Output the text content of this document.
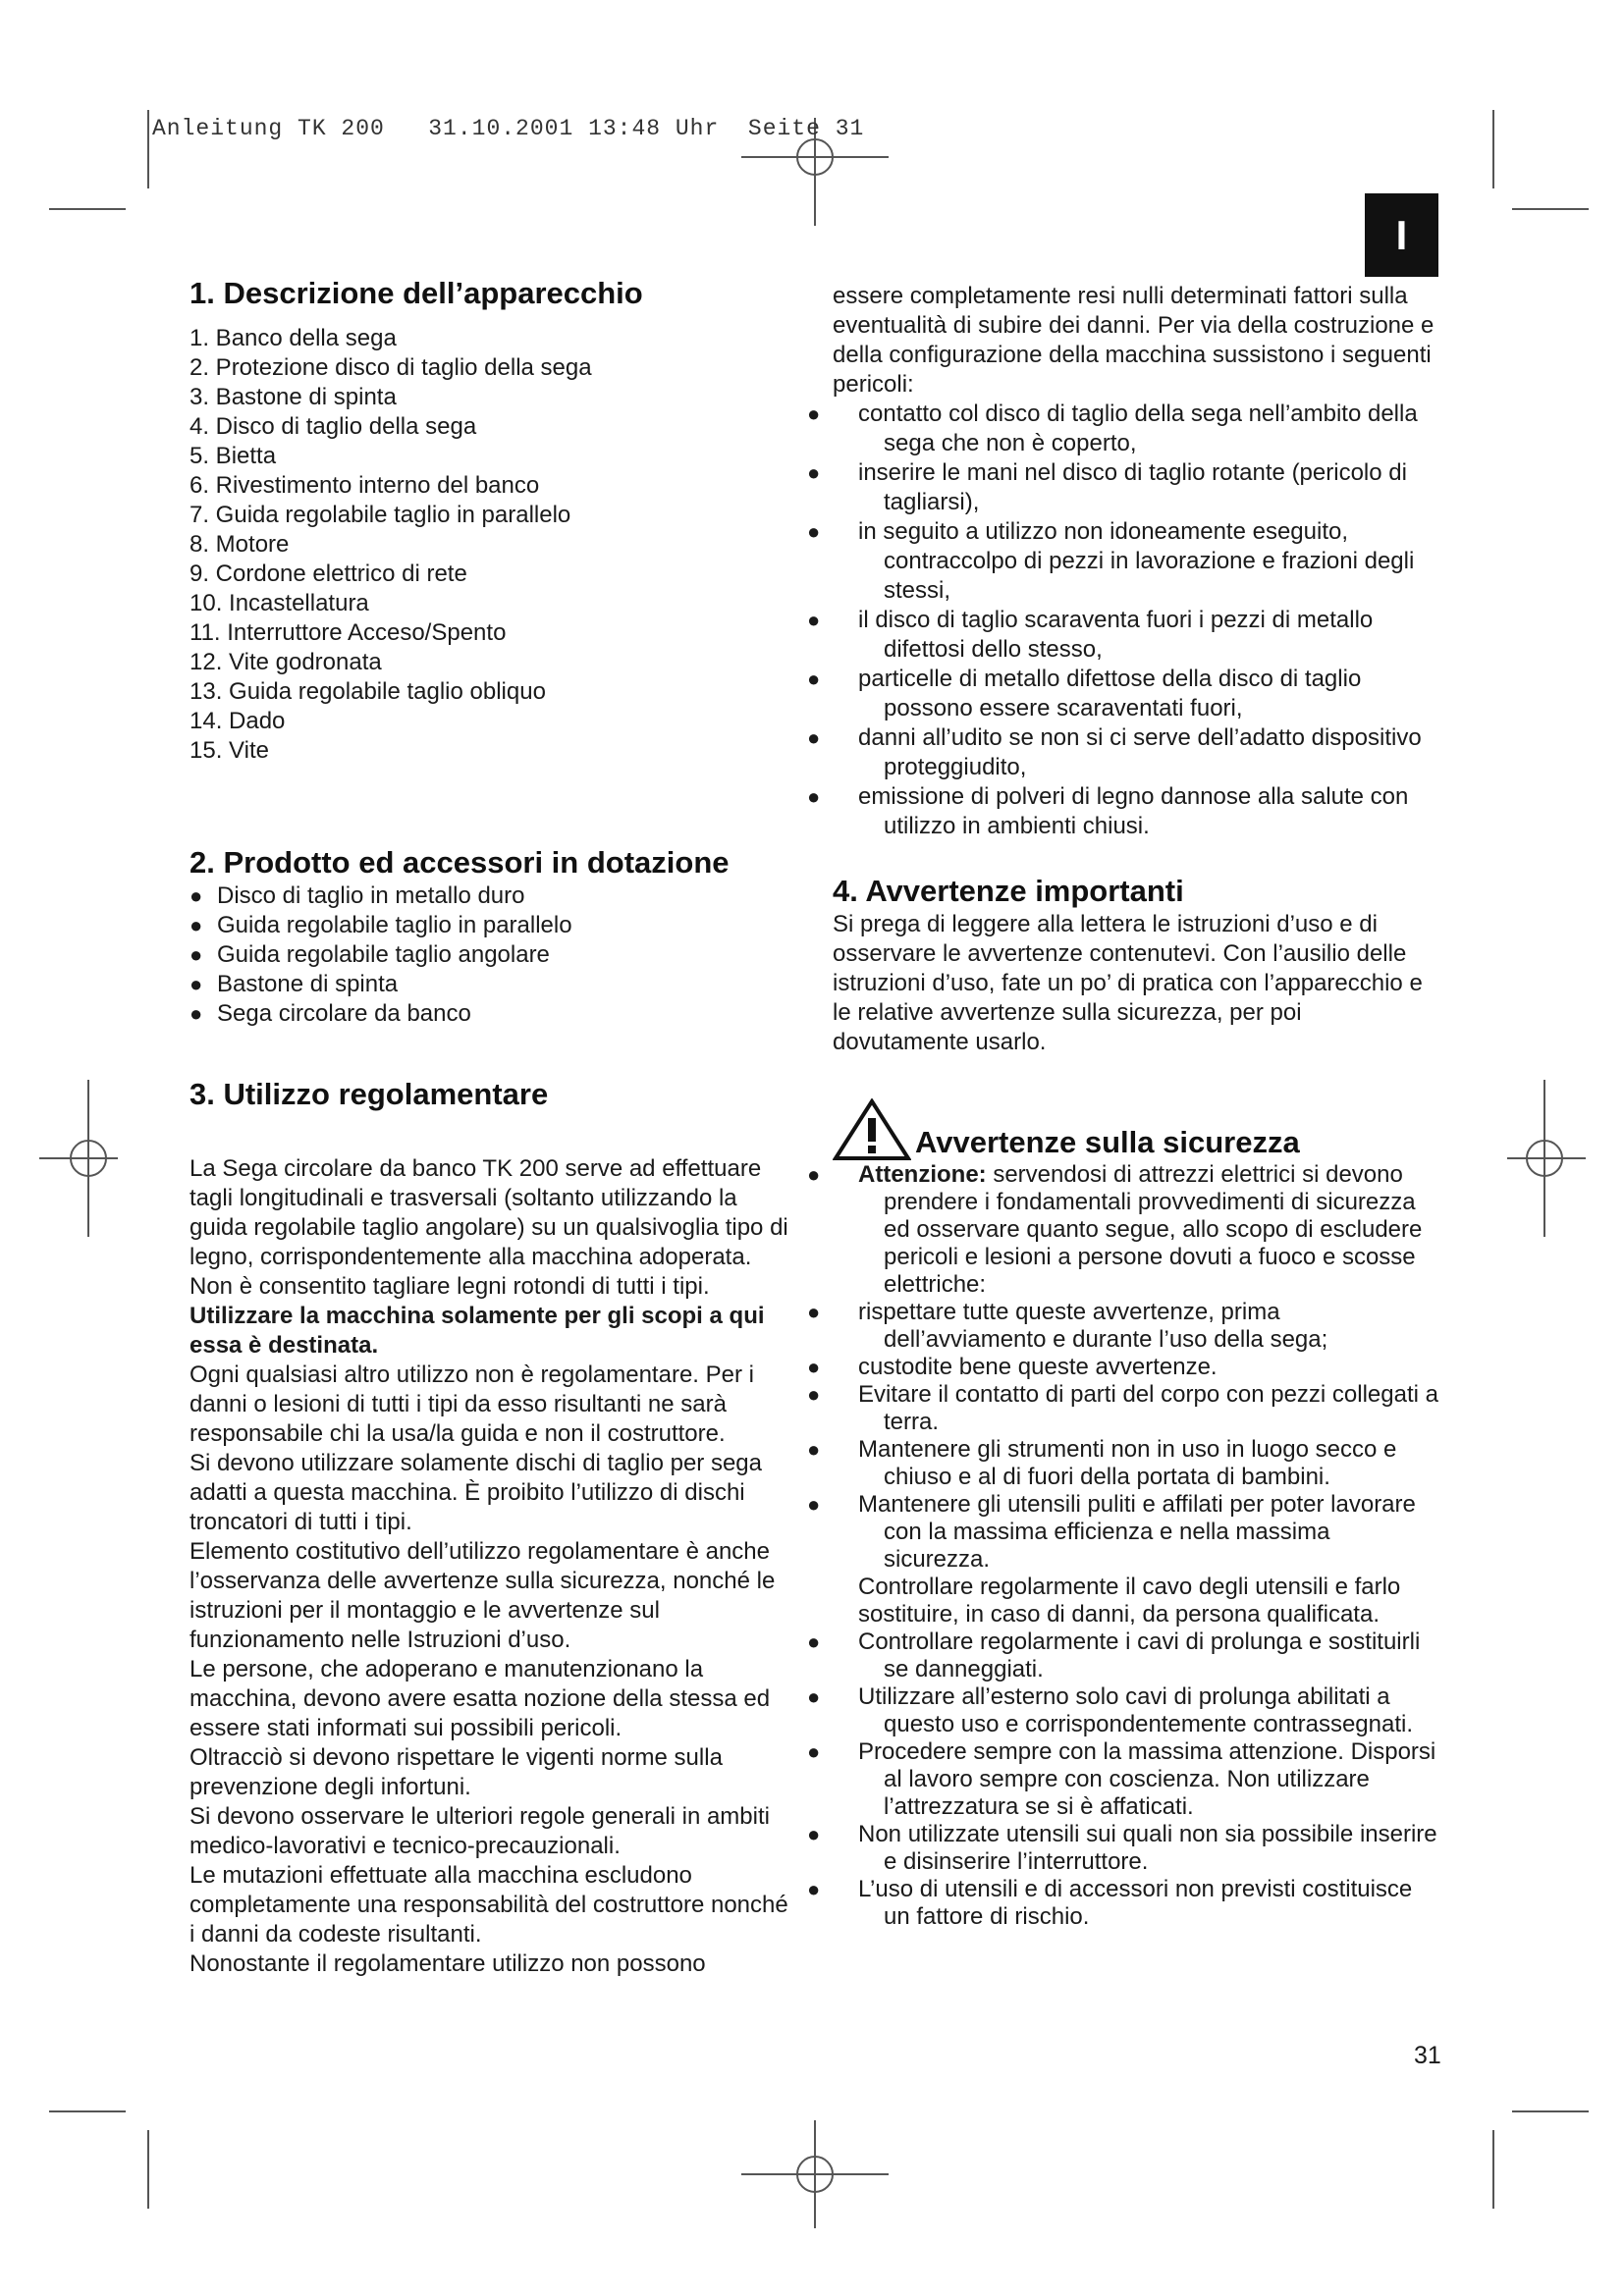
Anleitung TK 200   31.10.2001 13:48 Uhr  Seite 31
I
1. Descrizione dell’apparecchio
1. Banco della sega
2. Protezione disco di taglio della sega
3. Bastone di spinta
4. Disco di taglio della sega
5. Bietta
6. Rivestimento interno del banco
7. Guida regolabile taglio in parallelo
8. Motore
9. Cordone elettrico di rete
10. Incastellatura
11. Interruttore Acceso/Spento
12. Vite godronata
13. Guida regolabile taglio obliquo
14. Dado
15. Vite
2. Prodotto ed accessori in dotazione
● Disco di taglio in metallo duro
● Guida regolabile taglio in parallelo
● Guida regolabile taglio angolare
● Bastone di spinta
● Sega circolare da banco
3. Utilizzo regolamentare

La Sega circolare da banco TK 200 serve ad effettuare tagli longitudinali e trasversali (soltanto utilizzando la guida regolabile taglio angolare) su un qualsivoglia tipo di legno, corrispondentemente alla macchina adoperata. Non è consentito tagliare legni rotondi di tutti i tipi.

Utilizzare la macchina solamente per gli scopi a qui essa è destinata.

Ogni qualsiasi altro utilizzo non è regolamentare. Per i danni o lesioni di tutti i tipi da esso risultanti ne sarà responsabile chi la usa/la guida e non il costruttore.

Si devono utilizzare solamente dischi di taglio per sega adatti a questa macchina. È proibito l’utilizzo di dischi troncatori di tutti i tipi.

Elemento costitutivo dell’utilizzo regolamentare è anche l’osservanza delle avvertenze sulla sicurezza, nonché le istruzioni per il montaggio e le avvertenze sul funzionamento nelle Istruzioni d’uso.

Le persone, che adoperano e manutenzionano la macchina, devono avere esatta nozione della stessa ed essere stati informati sui possibili pericoli.

Oltracciò si devono rispettare le vigenti norme sulla prevenzione degli infortuni.

Si devono osservare le ulteriori regole generali in ambiti medico-lavorativi e tecnico-precauzionali.

Le mutazioni effettuate alla macchina escludono completamente una responsabilità del costruttore nonché i danni da codeste risultanti.

Nonostante il regolamentare utilizzo non possono

essere completamente resi nulli determinati fattori sulla eventualità di subire dei danni. Per via della costruzione e della configurazione della macchina sussistono i seguenti pericoli:

● contatto col disco di taglio della sega nell’ambito della sega che non è coperto,
● inserire le mani nel disco di taglio rotante (pericolo di tagliarsi),
● in seguito a utilizzo non idoneamente eseguito, contraccolpo di pezzi in lavorazione e frazioni degli stessi,
● il disco di taglio scaraventa fuori i pezzi di metallo difettosi dello stesso,
● particelle di metallo difettose della disco di taglio possono essere scaraventati fuori,
● danni all’udito se non si ci serve dell’adatto dispositivo proteggiudito,
● emissione di polveri di legno dannose alla salute con utilizzo in ambienti chiusi.
4. Avvertenze importanti

Si prega di leggere alla lettera le istruzioni d’uso e di osservare le avvertenze contenutevi. Con l’ausilio delle istruzioni d’uso, fate un po’ di pratica con l’apparecchio e le relative avvertenze sulla sicurezza, per poi dovutamente usarlo.

Avvertenze sulla sicurezza
● Attenzione: servendosi di attrezzi elettrici si devono prendere i fondamentali provvedimenti di sicurezza ed osservare quanto segue, allo scopo di escludere pericoli e lesioni a persone dovuti a fuoco e scosse elettriche:
● rispettare tutte queste avvertenze, prima dell’avviamento e durante l’uso della sega;
● custodite bene queste avvertenze.
● Evitare il contatto di parti del corpo con pezzi collegati a terra.
● Mantenere gli strumenti non in uso in luogo secco e chiuso e al di fuori della portata di bambini.
● Mantenere gli utensili puliti e affilati per poter lavorare con la massima efficienza e nella massima sicurezza.

Controllare regolarmente il cavo degli utensili e farlo sostituire, in caso di danni, da persona qualificata.

● Controllare regolarmente i cavi di prolunga e sostituirli se danneggiati.
● Utilizzare all’esterno solo cavi di prolunga abilitati a questo uso e corrispondentemente contrassegnati.
● Procedere sempre con la massima attenzione. Disporsi al lavoro sempre con coscienza. Non utilizzare l’attrezzatura se si è affaticati.
● Non utilizzate utensili sui quali non sia possibile inserire e disinserire l’interruttore.
● L’uso di utensili e di accessori non previsti costituisce un fattore di rischio.
31
